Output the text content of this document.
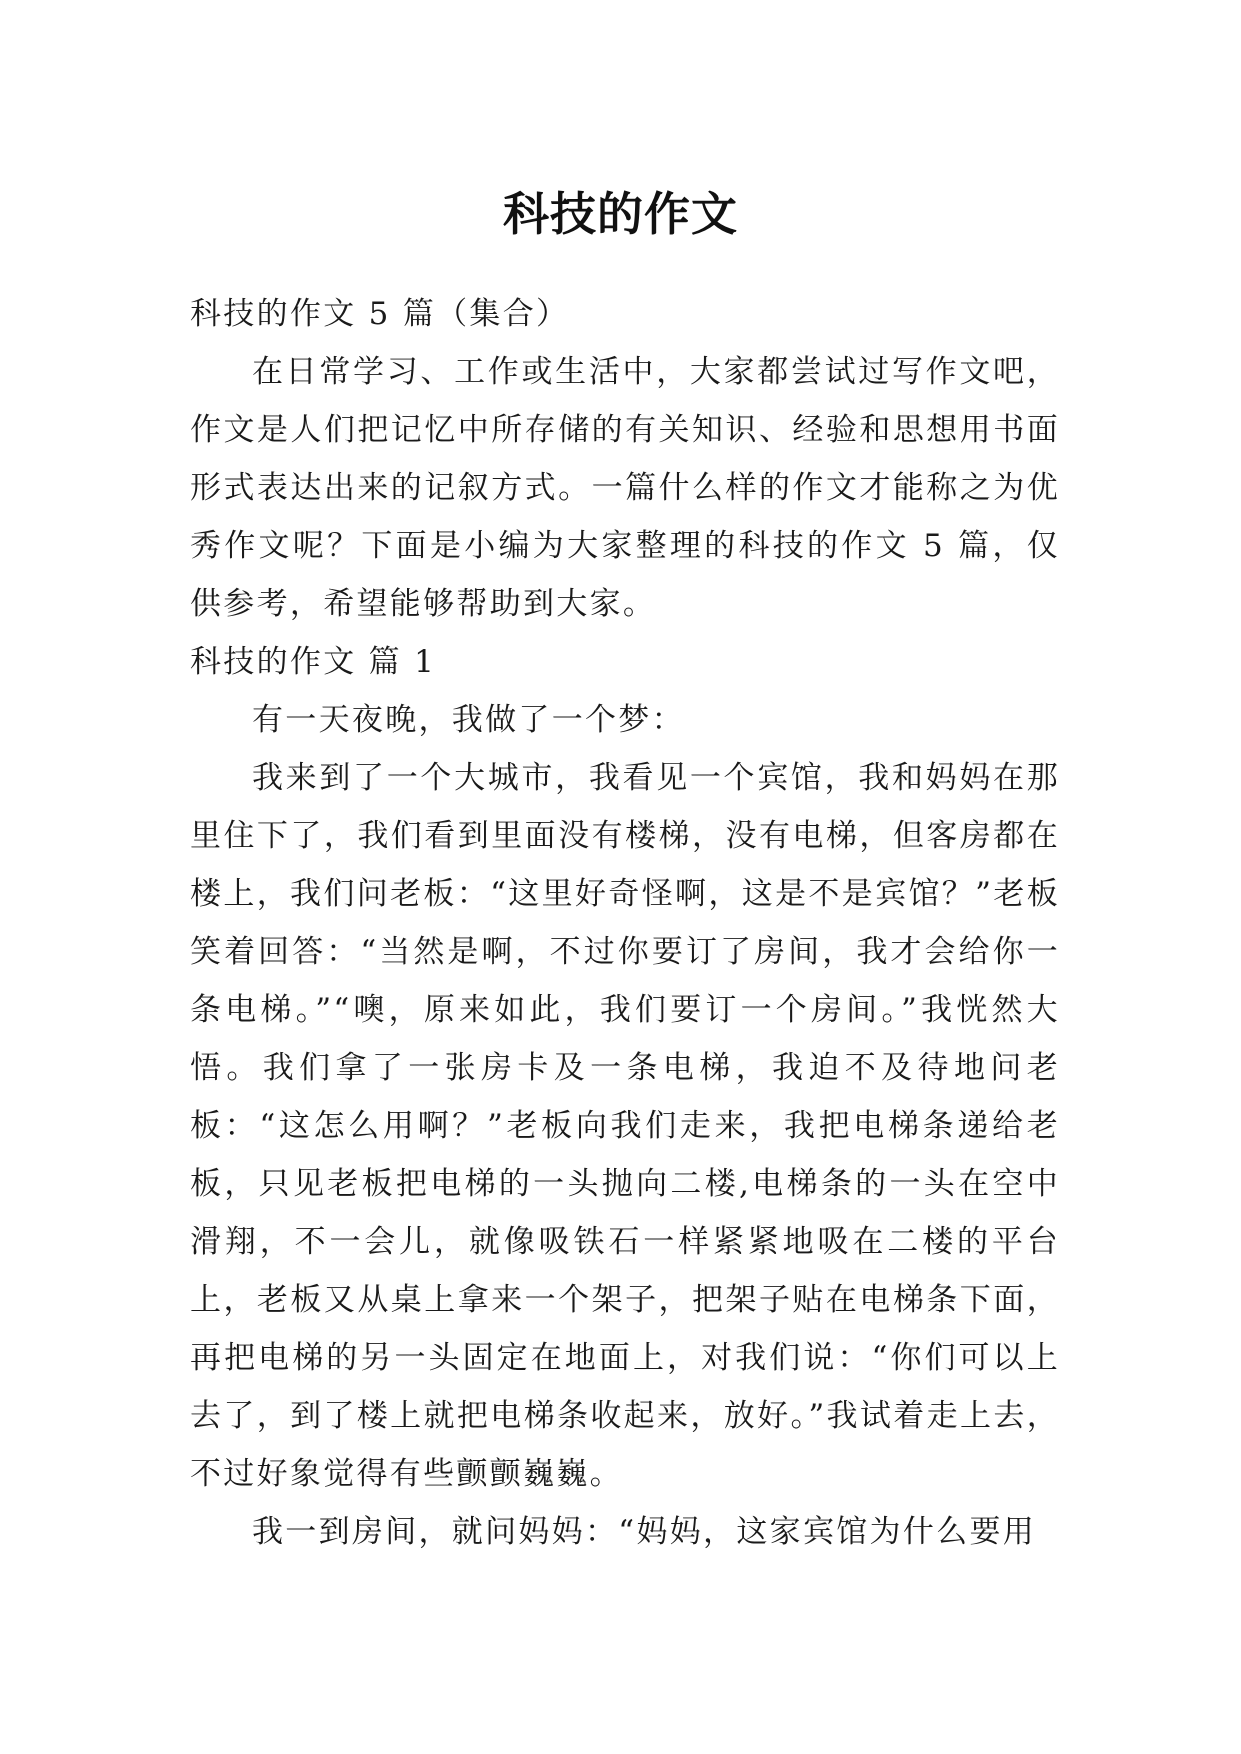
科技的作文

科技的作文 5 篇（集合）

在日常学习、工作或生活中，大家都尝试过写作文吧，作文是人们把记忆中所存储的有关知识、经验和思想用书面形式表达出来的记叙方式。一篇什么样的作文才能称之为优秀作文呢？下面是小编为大家整理的科技的作文 5 篇，仅供参考，希望能够帮助到大家。

科技的作文 篇 1

有一天夜晚，我做了一个梦：

我来到了一个大城市，我看见一个宾馆，我和妈妈在那里住下了，我们看到里面没有楼梯，没有电梯，但客房都在楼上，我们问老板：“这里好奇怪啊，这是不是宾馆？”老板笑着回答：“当然是啊，不过你要订了房间，我才会给你一条电梯。”“噢，原来如此，我们要订一个房间。”我恍然大悟。我们拿了一张房卡及一条电梯，我迫不及待地问老板：“这怎么用啊？”老板向我们走来，我把电梯条递给老板，只见老板把电梯的一头抛向二楼,电梯条的一头在空中滑翔，不一会儿，就像吸铁石一样紧紧地吸在二楼的平台上，老板又从桌上拿来一个架子，把架子贴在电梯条下面，再把电梯的另一头固定在地面上，对我们说：“你们可以上去了，到了楼上就把电梯条收起来，放好。”我试着走上去，不过好象觉得有些颤颤巍巍。

我一到房间，就问妈妈：“妈妈，这家宾馆为什么要用
